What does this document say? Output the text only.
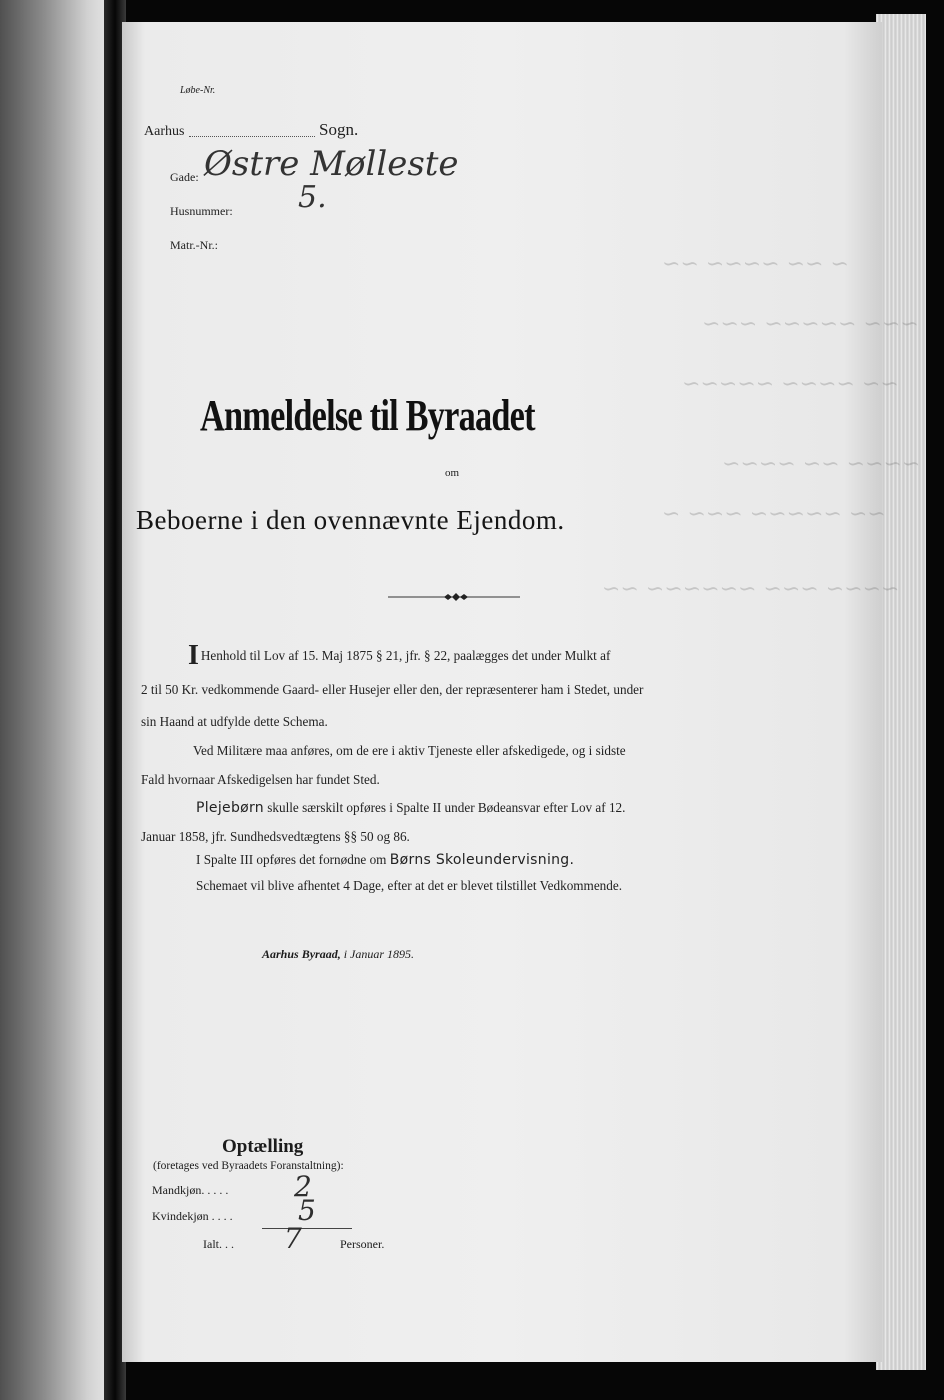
~ ~~ ~~~~ ~~
~~~ ~~~~~ ~~~
~~ ~~~~ ~~~~~
~~~~ ~~ ~~~~
~~ ~~~~~ ~~~ ~
~~~~ ~~~ ~~~~~~ ~~
Løbe-Nr.
Aarhus	Sogn.
Gade: Østre Mølleste
Husnummer: 5.
Matr.-Nr.:
Anmeldelse til Byraadet
om
Beboerne i den ovennævnte Ejendom.
I Henhold til Lov af 15. Maj 1875 § 21, jfr. § 22, paalægges det under Mulkt af
2 til 50 Kr. vedkommende Gaard- eller Husejer eller den, der repræsenterer ham i Stedet, under
sin Haand at udfylde dette Schema.
Ved Militære maa anføres, om de ere i aktiv Tjeneste eller afskedigede, og i sidste
Fald hvornaar Afskedigelsen har fundet Sted.
Plejebørn skulle særskilt opføres i Spalte II under Bødeansvar efter Lov af 12.
Januar 1858, jfr. Sundhedsvedtægtens §§ 50 og 86.
I Spalte III opføres det fornødne om Børns Skoleundervisning.
Schemaet vil blive afhentet 4 Dage, efter at det er blevet tilstillet Vedkommende.
Aarhus Byraad, i Januar 1895.
Optælling
(foretages ved Byraadets Foranstaltning):
Mandkjøn. . . . . 2
Kvindekjøn . . . . 5
Ialt. . . 7	Personer.
